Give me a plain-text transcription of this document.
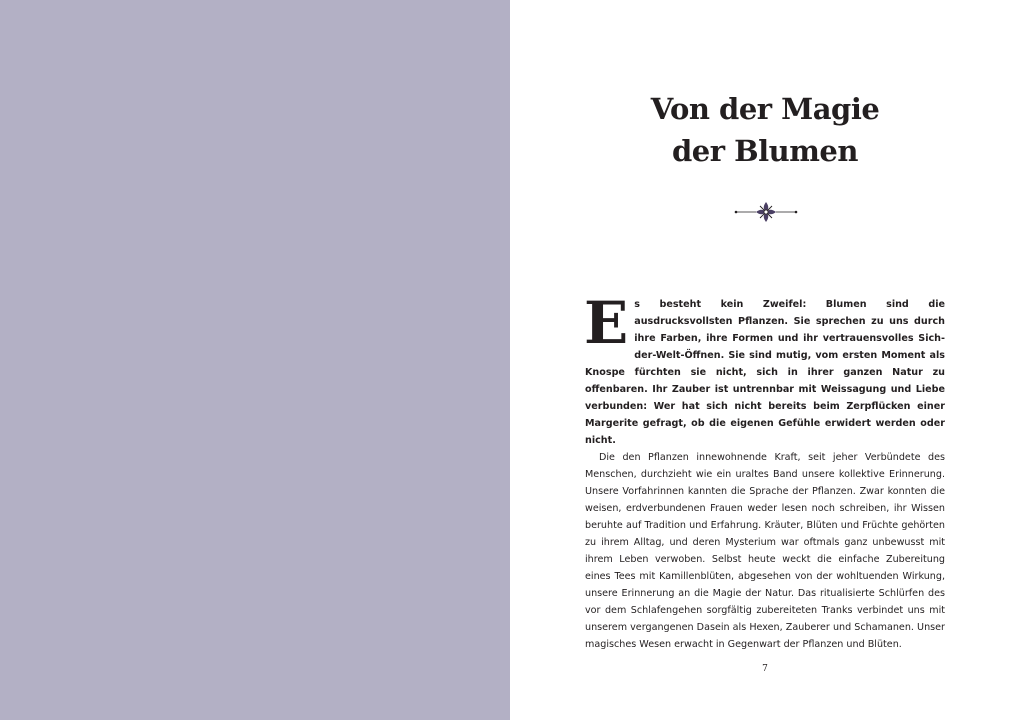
Von der Magie
der Blumen

Es besteht kein Zweifel: Blumen sind die ausdrucksvollsten Pflanzen. Sie sprechen zu uns durch ihre Farben, ihre Formen und ihr vertrauensvolles Sich-der-Welt-Öffnen. Sie sind mutig, vom ersten Moment als Knospe fürchten sie nicht, sich in ihrer ganzen Natur zu offenbaren. Ihr Zauber ist untrennbar mit Weissagung und Liebe verbunden: Wer hat sich nicht bereits beim Zerpflücken einer Margerite gefragt, ob die eigenen Gefühle erwidert werden oder nicht.

Die den Pflanzen innewohnende Kraft, seit jeher Verbündete des Menschen, durchzieht wie ein uraltes Band unsere kollektive Erinnerung. Unsere Vorfahrinnen kannten die Sprache der Pflanzen. Zwar konnten die weisen, erdverbundenen Frauen weder lesen noch schreiben, ihr Wissen beruhte auf Tradition und Erfahrung. Kräuter, Blüten und Früchte gehörten zu ihrem Alltag, und deren Mysterium war oftmals ganz unbewusst mit ihrem Leben verwoben. Selbst heute weckt die einfache Zubereitung eines Tees mit Kamillenblüten, abgesehen von der wohltuenden Wirkung, unsere Erinnerung an die Magie der Natur. Das ritualisierte Schlürfen des vor dem Schlafengehen sorgfältig zubereiteten Tranks verbindet uns mit unserem vergangenen Dasein als Hexen, Zauberer und Schamanen. Unser magisches Wesen erwacht in Gegenwart der Pflanzen und Blüten.

7
